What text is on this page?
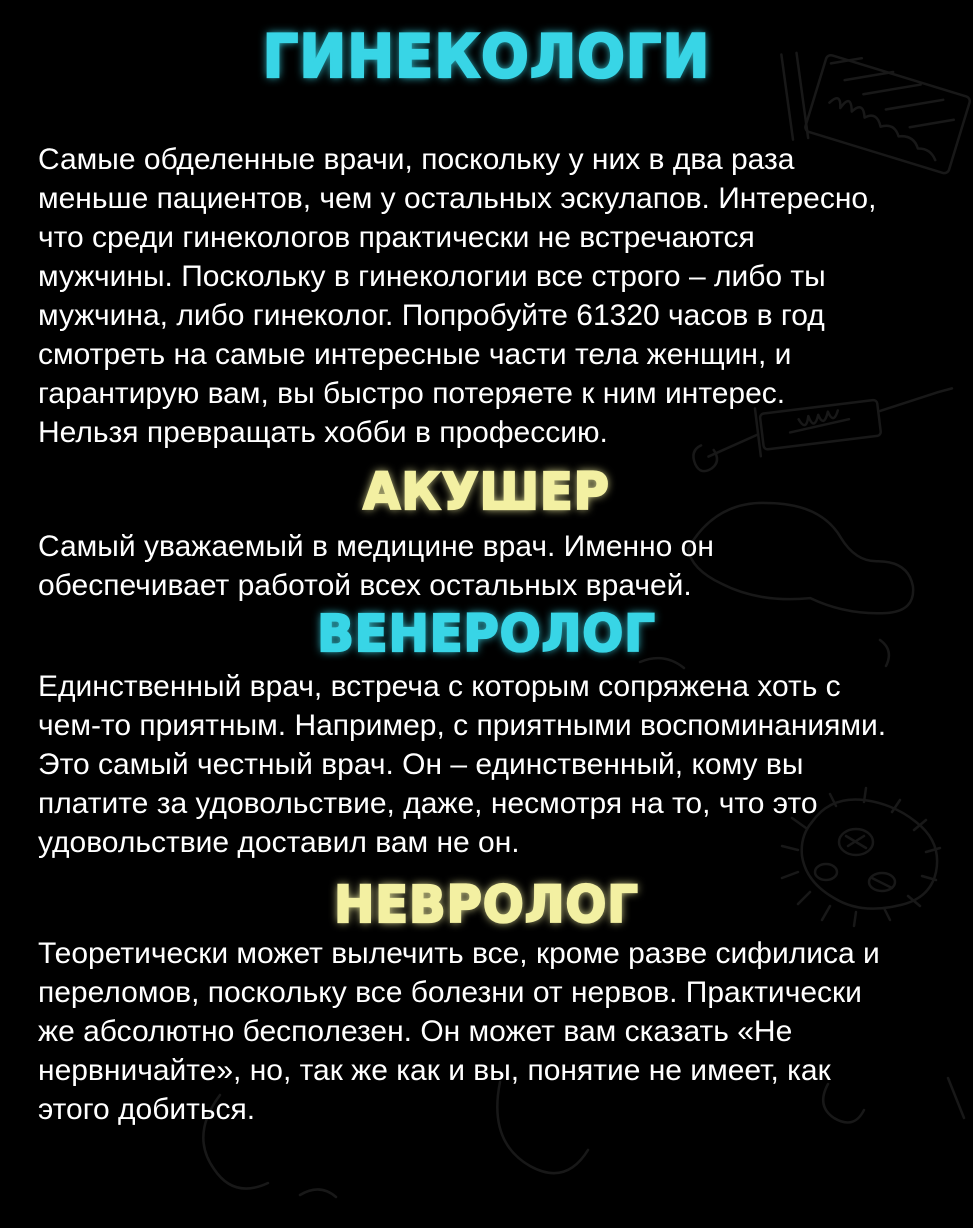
ГИНЕКОЛОГИ
Самые обделенные врачи, поскольку у них в два раза
меньше пациентов, чем у остальных эскулапов. Интересно,
что среди гинекологов практически не встречаются
мужчины. Поскольку в гинекологии все строго – либо ты
мужчина, либо гинеколог. Попробуйте 61320 часов в год
смотреть на самые интересные части тела женщин, и
гарантирую вам, вы быстро потеряете к ним интерес.
Нельзя превращать хобби в профессию.
АКУШЕР
Самый уважаемый в медицине врач. Именно он
обеспечивает работой всех остальных врачей.
ВЕНЕРОЛОГ
Единственный врач, встреча с которым сопряжена хоть с
чем-то приятным. Например, с приятными воспоминаниями.
Это самый честный врач. Он – единственный, кому вы
платите за удовольствие, даже, несмотря на то, что это
удовольствие доставил вам не он.
НЕВРОЛОГ
Теоретически может вылечить все, кроме разве сифилиса и
переломов, поскольку все болезни от нервов. Практически
же абсолютно бесполезен. Он может вам сказать «Не
нервничайте», но, так же как и вы, понятие не имеет, как
этого добиться.
